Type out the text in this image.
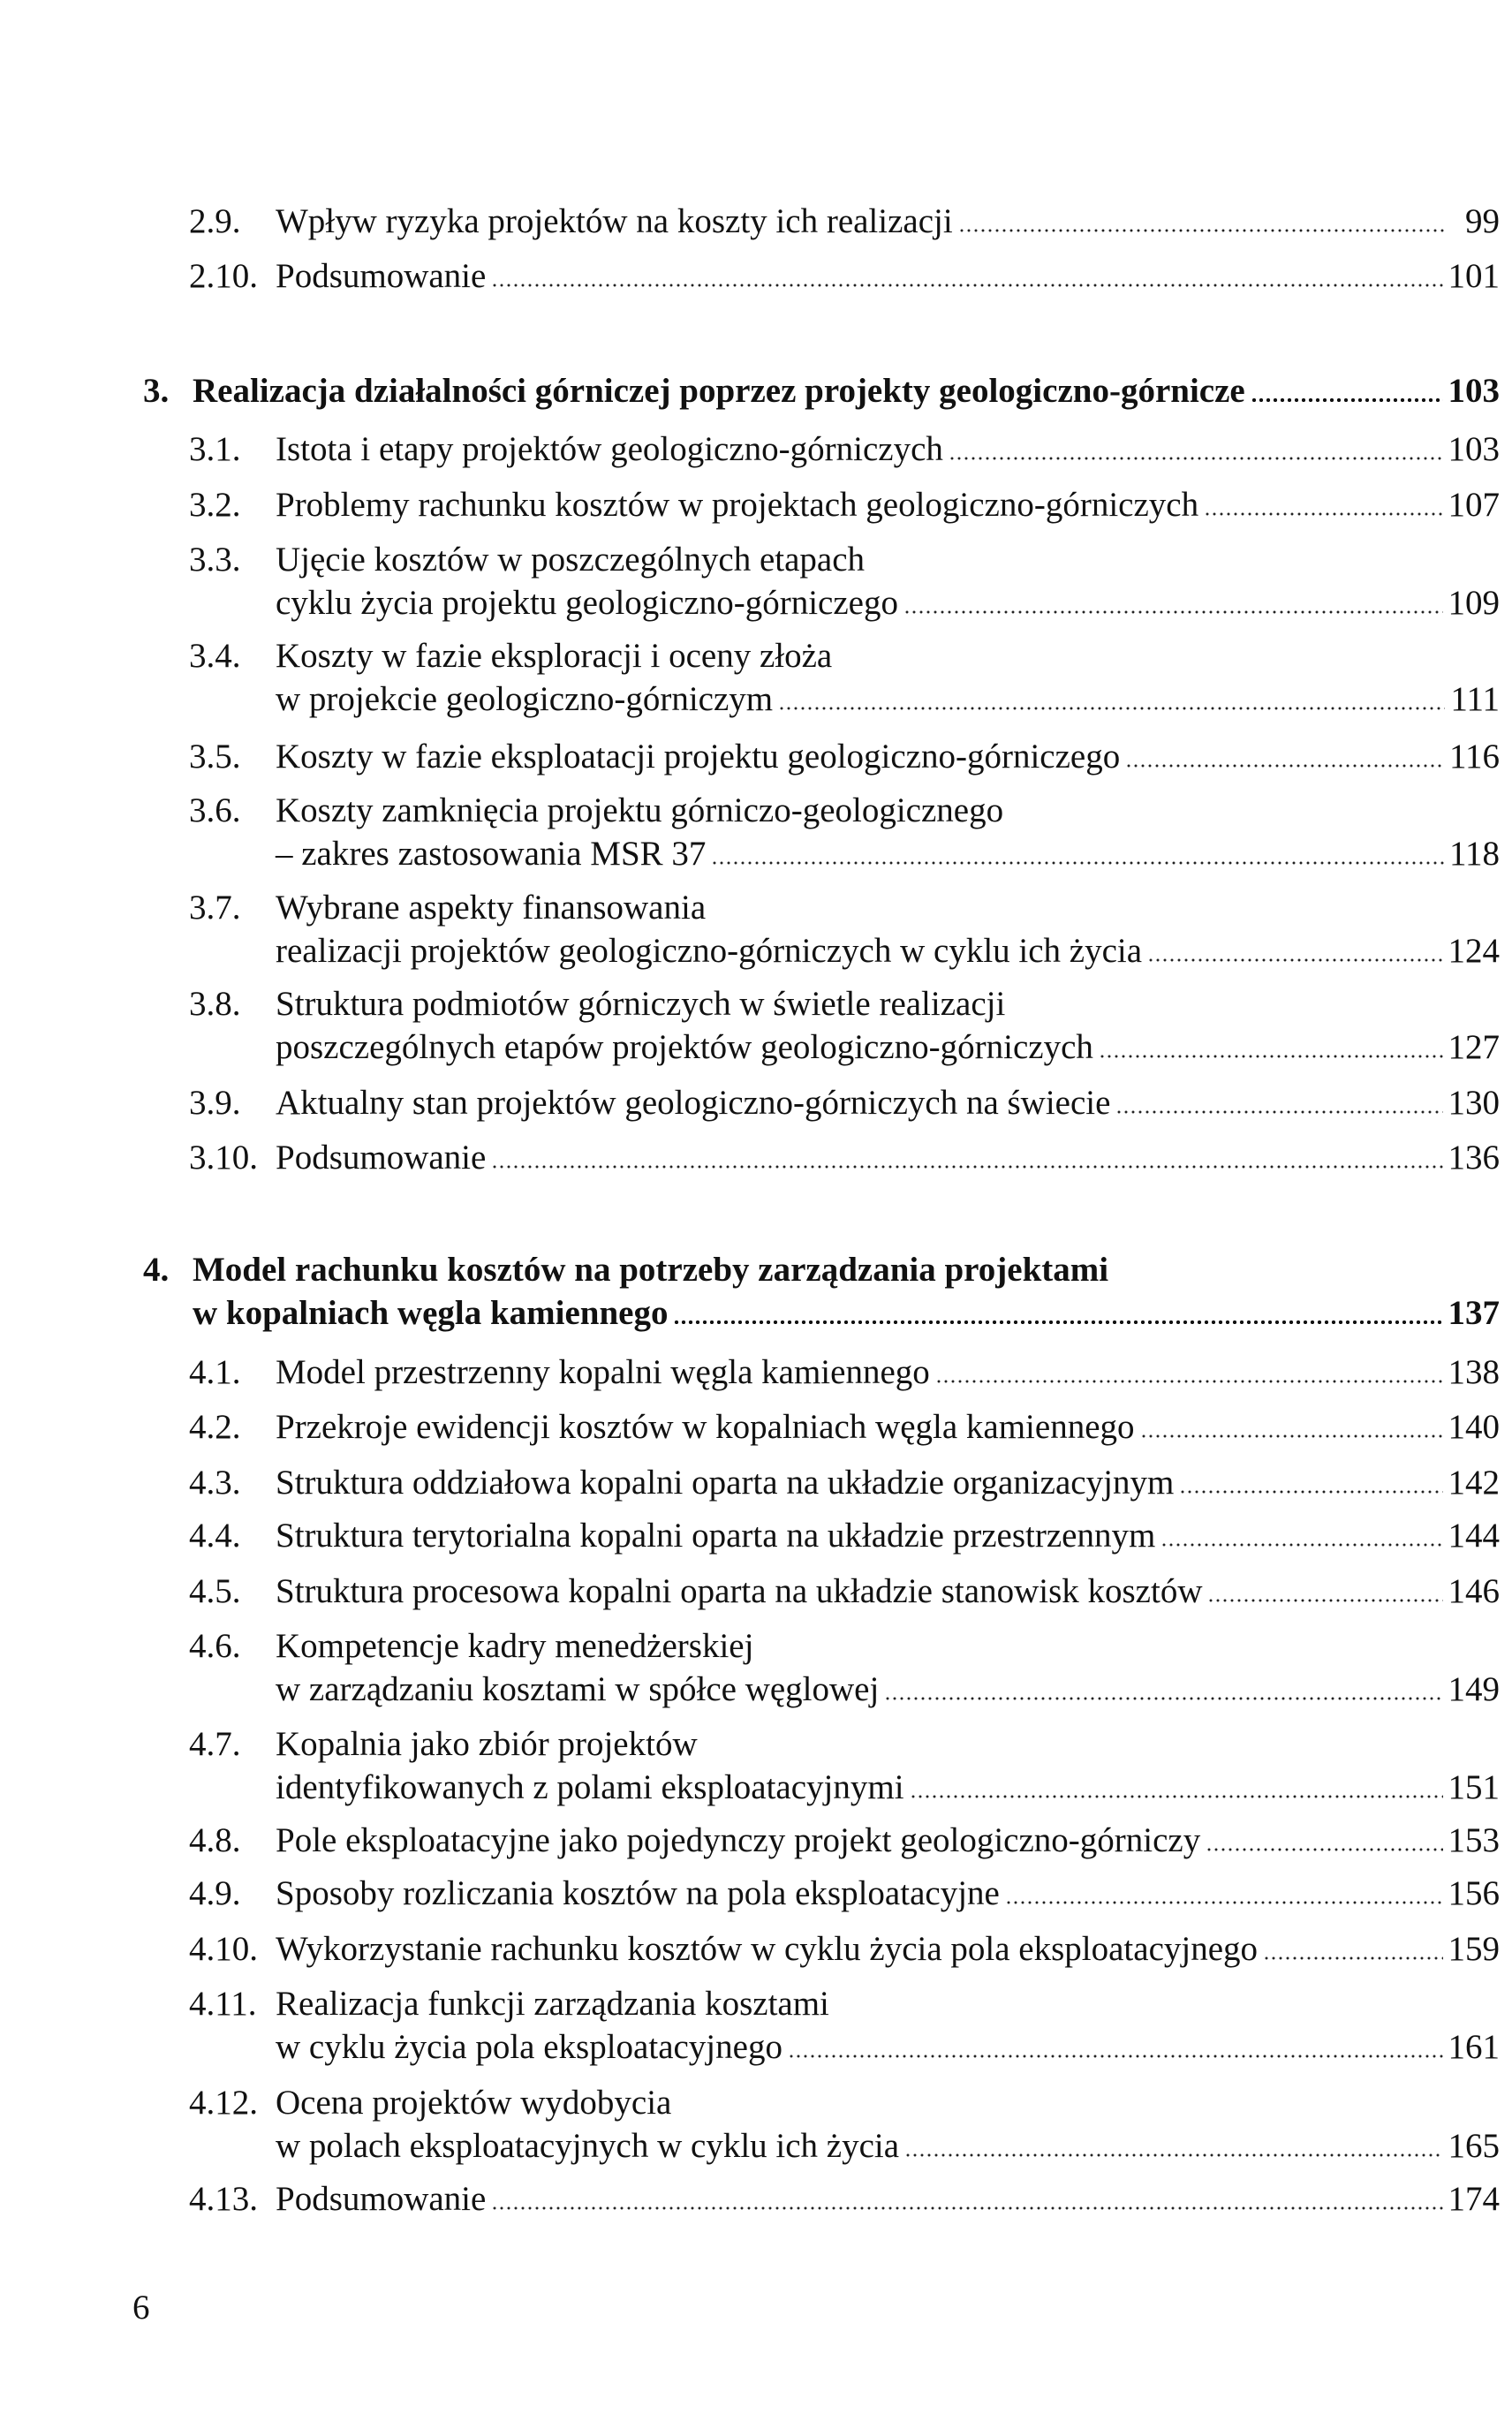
2.9. Wpływ ryzyka projektów na koszty ich realizacji	99
2.10. Podsumowanie	101
3. Realizacja działalności górniczej poprzez projekty geologiczno-górnicze	103
3.1. Istota i etapy projektów geologiczno-górniczych	103
3.2. Problemy rachunku kosztów w projektach geologiczno-górniczych	107
3.3. Ujęcie kosztów w poszczególnych etapach
cyklu życia projektu geologiczno-górniczego	109
3.4. Koszty w fazie eksploracji i oceny złoża
w projekcie geologiczno-górniczym	111
3.5. Koszty w fazie eksploatacji projektu geologiczno-górniczego	116
3.6. Koszty zamknięcia projektu górniczo-geologicznego
– zakres zastosowania MSR 37	118
3.7. Wybrane aspekty finansowania
realizacji projektów geologiczno-górniczych w cyklu ich życia	124
3.8. Struktura podmiotów górniczych w świetle realizacji
poszczególnych etapów projektów geologiczno-górniczych	127
3.9. Aktualny stan projektów geologiczno-górniczych na świecie	130
3.10. Podsumowanie	136
4. Model rachunku kosztów na potrzeby zarządzania projektami
w kopalniach węgla kamiennego	137
4.1. Model przestrzenny kopalni węgla kamiennego	138
4.2. Przekroje ewidencji kosztów w kopalniach węgla kamiennego	140
4.3. Struktura oddziałowa kopalni oparta na układzie organizacyjnym	142
4.4. Struktura terytorialna kopalni oparta na układzie przestrzennym	144
4.5. Struktura procesowa kopalni oparta na układzie stanowisk kosztów	146
4.6. Kompetencje kadry menedżerskiej
w zarządzaniu kosztami w spółce węglowej	149
4.7. Kopalnia jako zbiór projektów
identyfikowanych z polami eksploatacyjnymi	151
4.8. Pole eksploatacyjne jako pojedynczy projekt geologiczno-górniczy	153
4.9. Sposoby rozliczania kosztów na pola eksploatacyjne	156
4.10. Wykorzystanie rachunku kosztów w cyklu życia pola eksploatacyjnego	159
4.11. Realizacja funkcji zarządzania kosztami
w cyklu życia pola eksploatacyjnego	161
4.12. Ocena projektów wydobycia
w polach eksploatacyjnych w cyklu ich życia	165
4.13. Podsumowanie	174
6
